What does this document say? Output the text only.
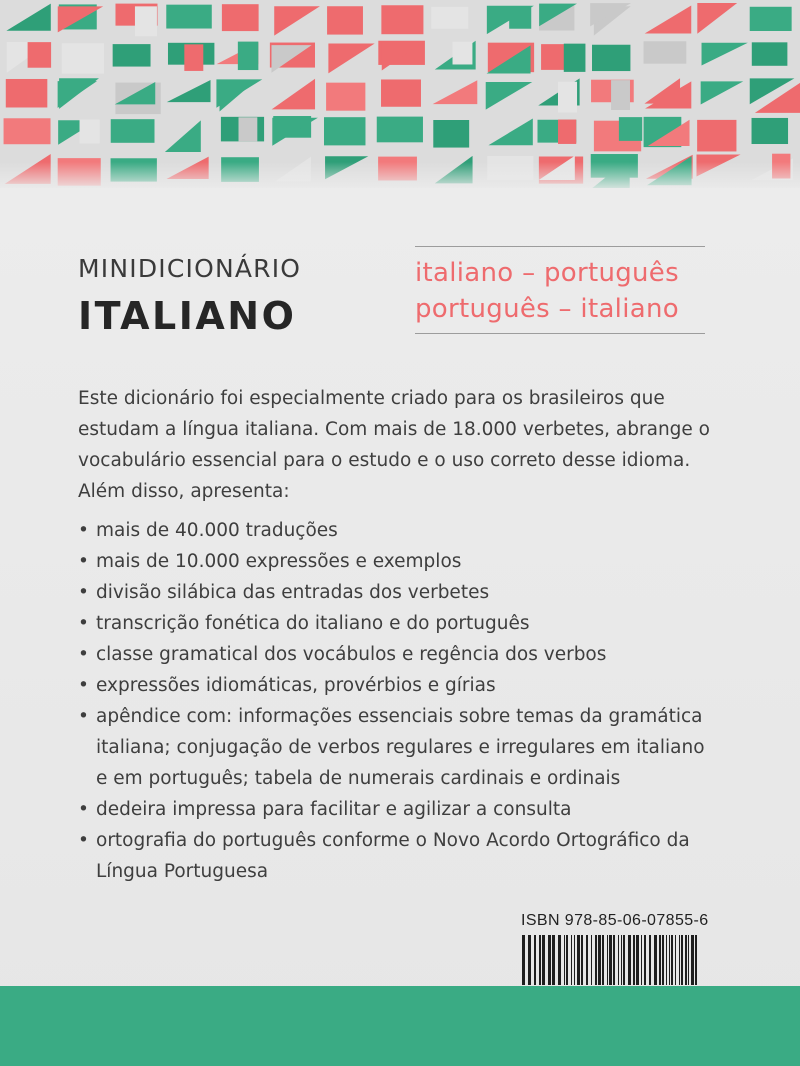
MINIDICIONÁRIO
ITALIANO
italiano – português
português – italiano

Este dicionário foi especialmente criado para os brasileiros que estudam a língua italiana. Com mais de 18.000 verbetes, abrange o vocabulário essencial para o estudo e o uso correto desse idioma. Além disso, apresenta:

• mais de 40.000 traduções
• mais de 10.000 expressões e exemplos
• divisão silábica das entradas dos verbetes
• transcrição fonética do italiano e do português
• classe gramatical dos vocábulos e regência dos verbos
• expressões idiomáticas, provérbios e gírias
• apêndice com: informações essenciais sobre temas da gramática italiana; conjugação de verbos regulares e irregulares em italiano e em português; tabela de numerais cardinais e ordinais
• dedeira impressa para facilitar e agilizar a consulta
• ortografia do português conforme o Novo Acordo Ortográfico da Língua Portuguesa
ISBN 978-85-06-07855-6
